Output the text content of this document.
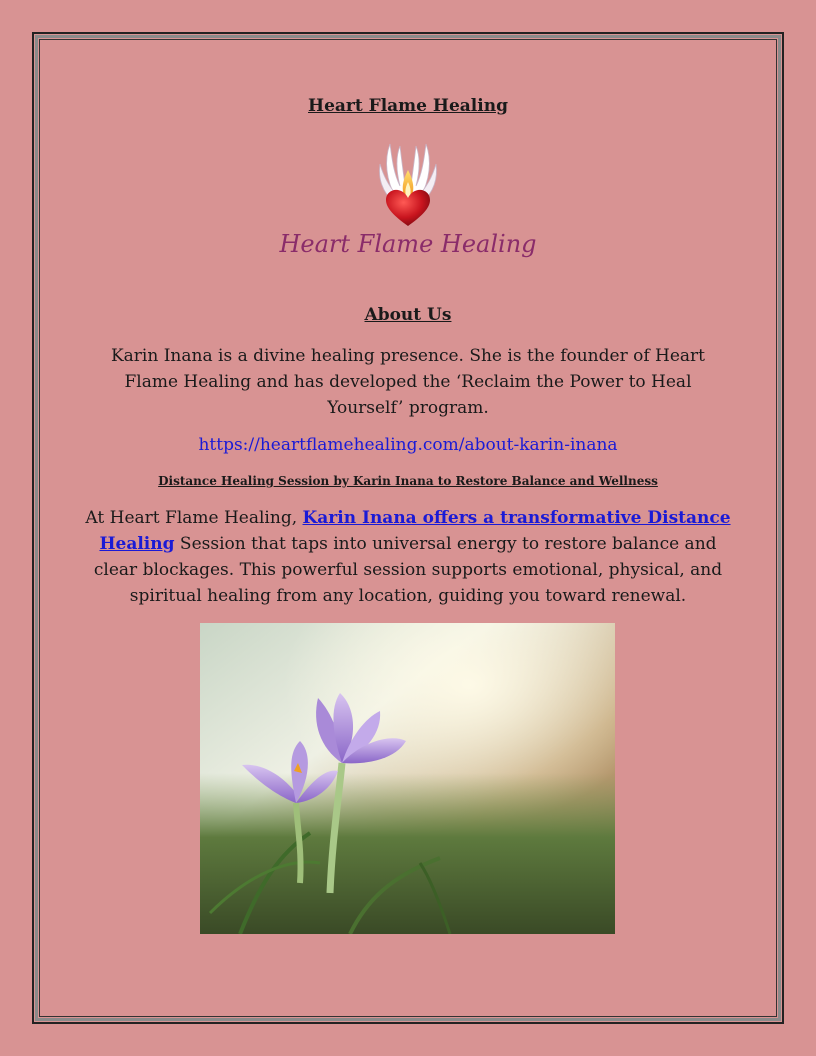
Heart Flame Healing
Heart Flame Healing
About Us

Karin Inana is a divine healing presence. She is the founder of Heart Flame Healing and has developed the ‘Reclaim the Power to Heal Yourself’ program.

https://heartflamehealing.com/about-karin-inana
Distance Healing Session by Karin Inana to Restore Balance and Wellness

At Heart Flame Healing, Karin Inana offers a transformative Distance Healing Session that taps into universal energy to restore balance and clear blockages. This powerful session supports emotional, physical, and spiritual healing from any location, guiding you toward renewal.
